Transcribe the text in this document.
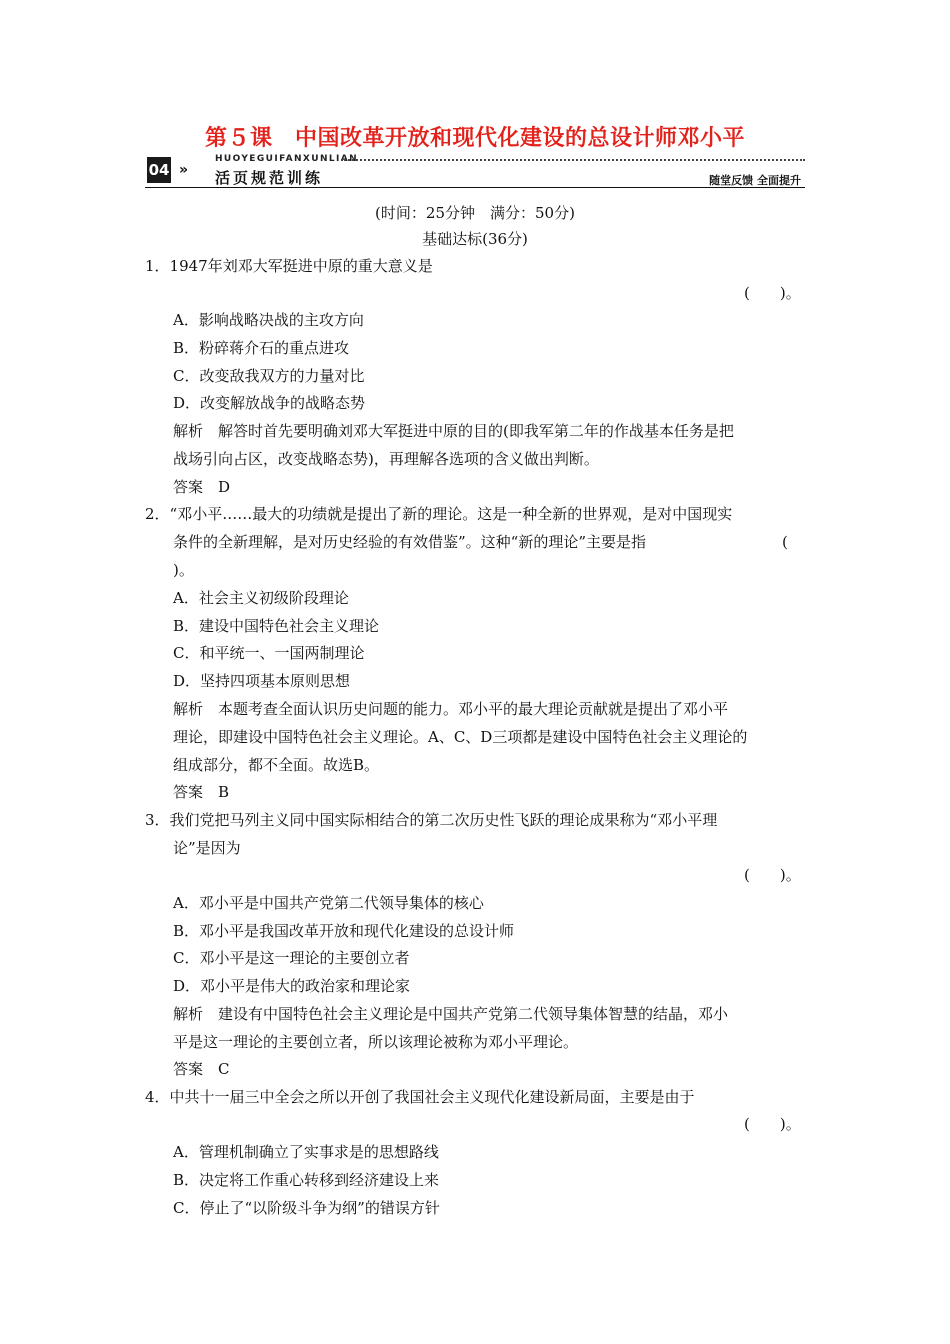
第５课　中国改革开放和现代化建设的总设计师邓小平
04 »
HUOYEGUIFANXUNLIAN
活页规范训练	随堂反馈 全面提升
(时间：25分钟　满分：50分)
基础达标(36分)
1．1947年刘邓大军挺进中原的重大意义是
(　　)。
A．影响战略决战的主攻方向
B．粉碎蒋介石的重点进攻
C．改变敌我双方的力量对比
D．改变解放战争的战略态势
解析　解答时首先要明确刘邓大军挺进中原的目的(即我军第二年的作战基本任务是把
战场引向占区，改变战略态势)，再理解各选项的含义做出判断。
答案　D
2．“邓小平……最大的功绩就是提出了新的理论。这是一种全新的世界观，是对中国现实
条件的全新理解，是对历史经验的有效借鉴”。这种“新的理论”主要是指	(
)。
A．社会主义初级阶段理论
B．建设中国特色社会主义理论
C．和平统一、一国两制理论
D．坚持四项基本原则思想
解析　本题考查全面认识历史问题的能力。邓小平的最大理论贡献就是提出了邓小平
理论，即建设中国特色社会主义理论。A、C、D三项都是建设中国特色社会主义理论的
组成部分，都不全面。故选B。
答案　B
3．我们党把马列主义同中国实际相结合的第二次历史性飞跃的理论成果称为“邓小平理
论”是因为
(　　)。
A．邓小平是中国共产党第二代领导集体的核心
B．邓小平是我国改革开放和现代化建设的总设计师
C．邓小平是这一理论的主要创立者
D．邓小平是伟大的政治家和理论家
解析　建设有中国特色社会主义理论是中国共产党第二代领导集体智慧的结晶，邓小
平是这一理论的主要创立者，所以该理论被称为邓小平理论。
答案　C
4．中共十一届三中全会之所以开创了我国社会主义现代化建设新局面，主要是由于
(　　)。
A．管理机制确立了实事求是的思想路线
B．决定将工作重心转移到经济建设上来
C．停止了“以阶级斗争为纲”的错误方针
